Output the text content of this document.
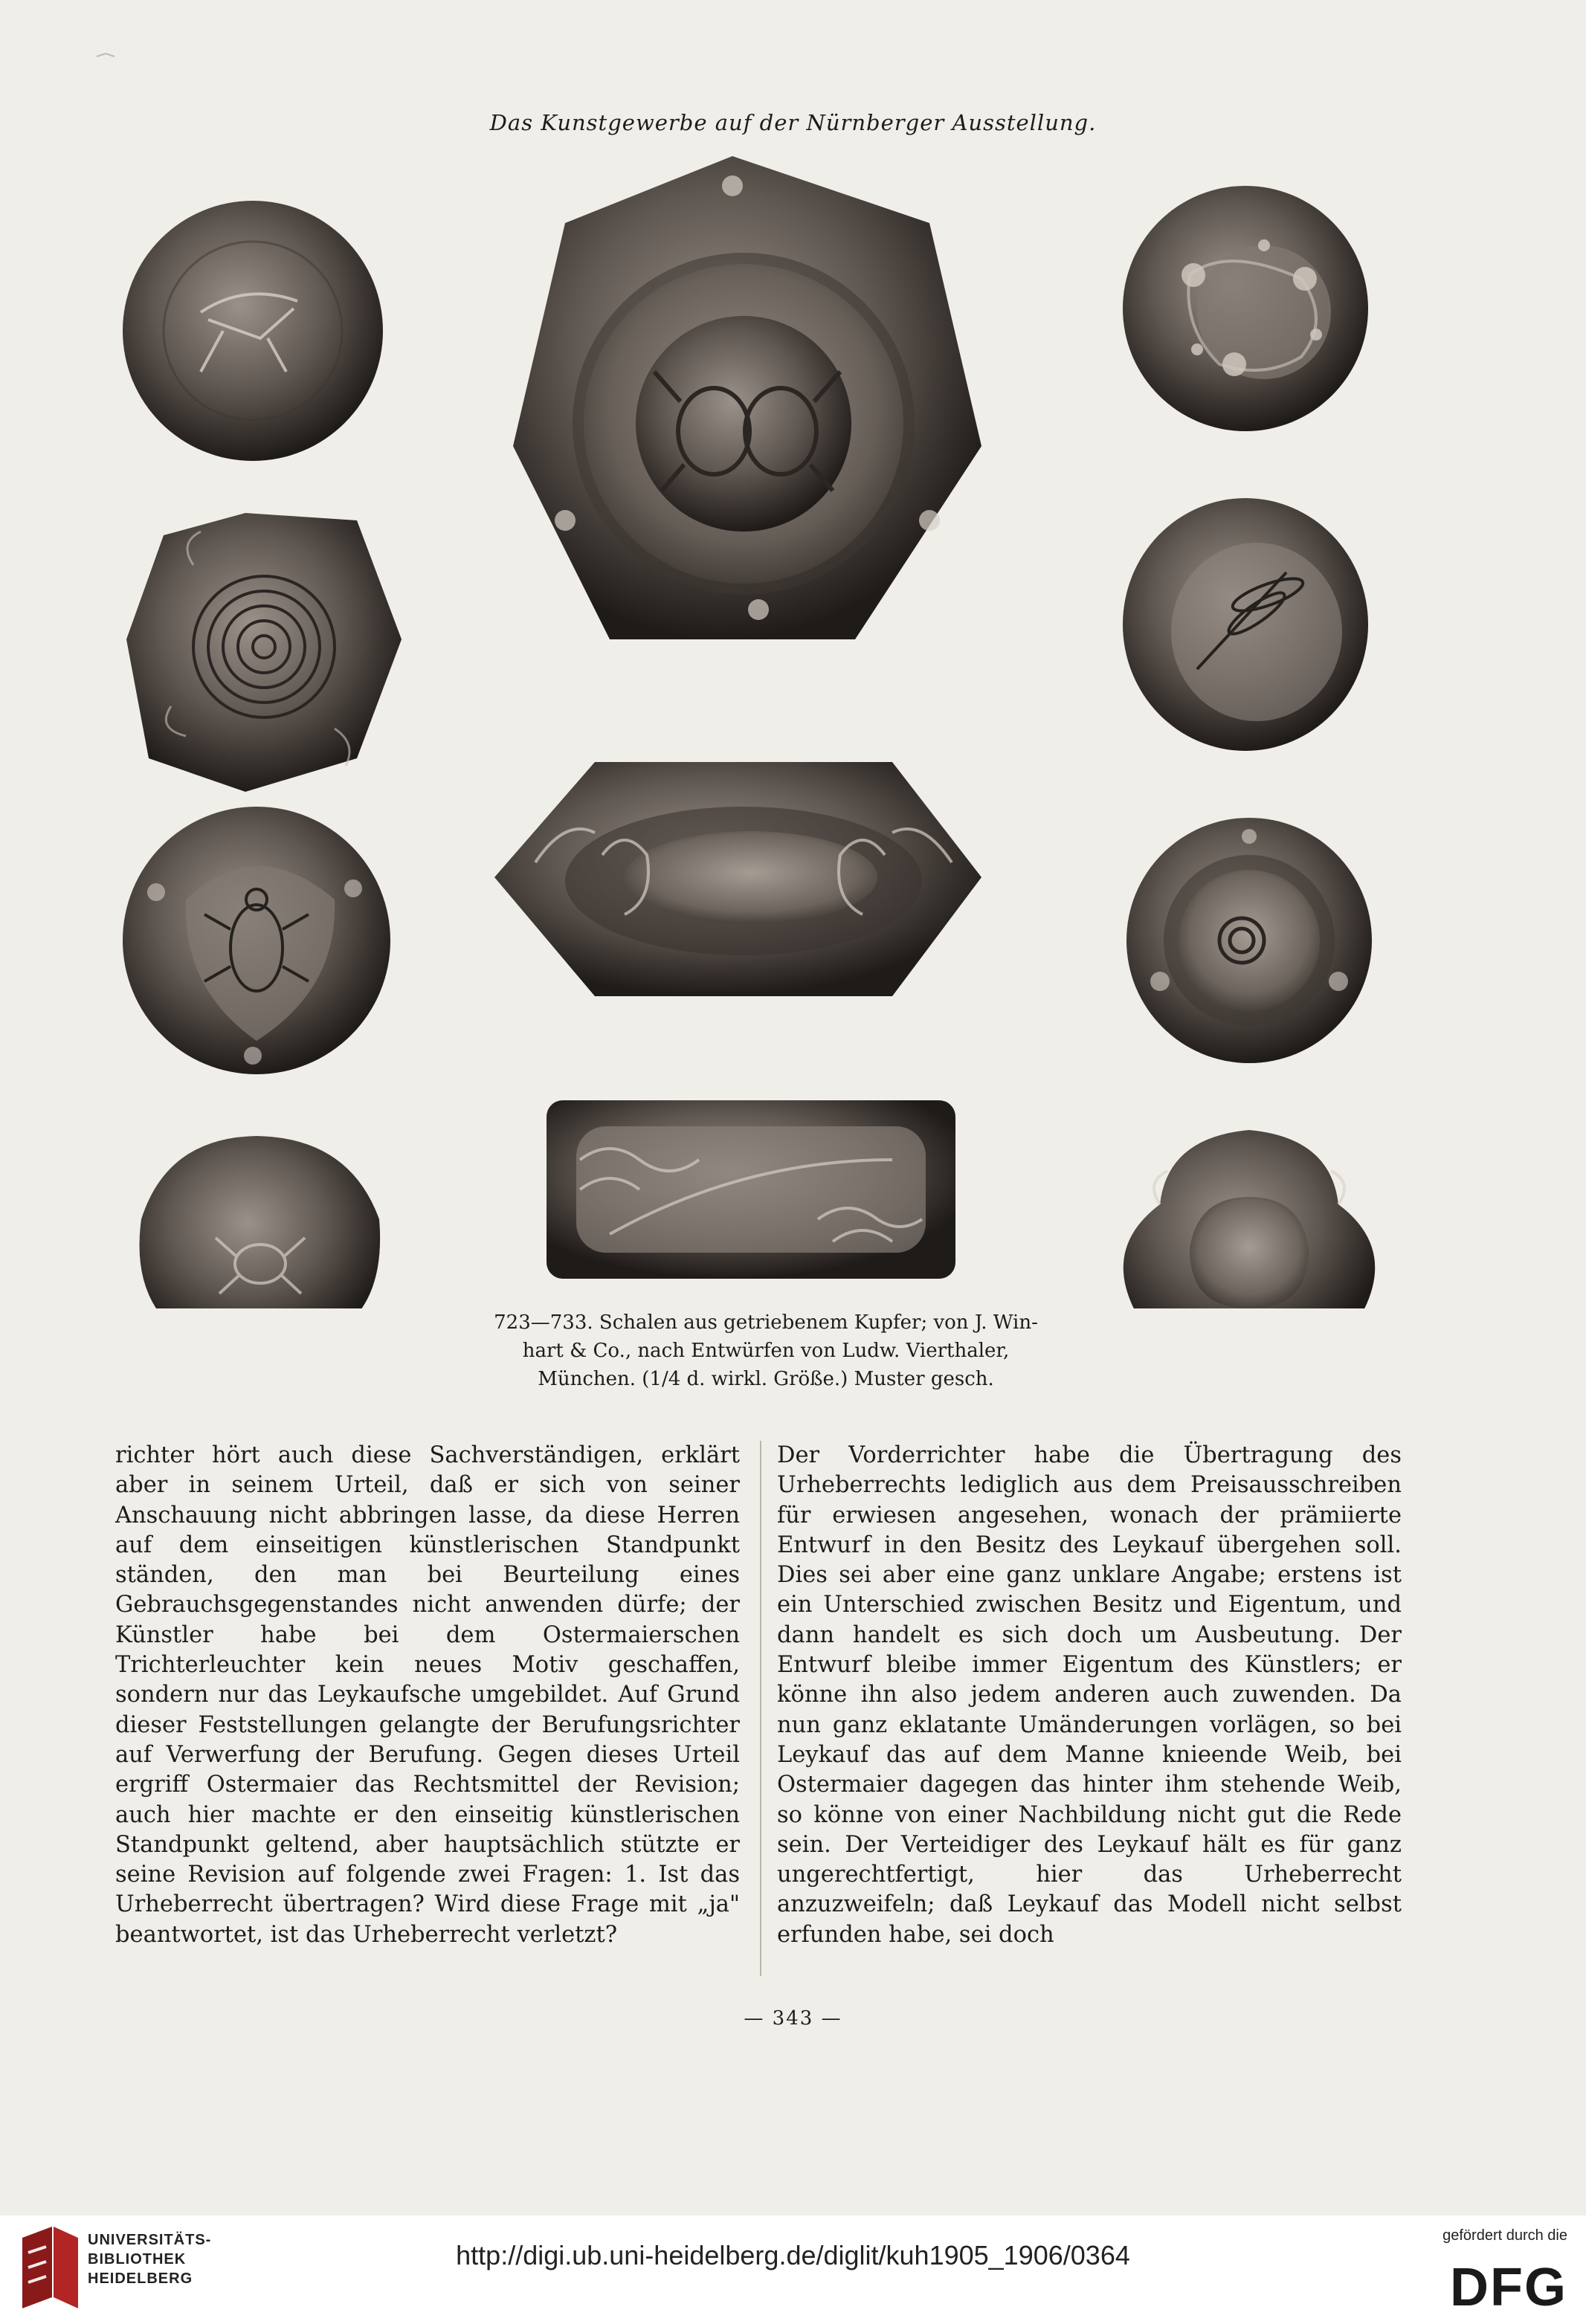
Das Kunstgewerbe auf der Nürnberger Ausstellung.
723—733. Schalen aus getriebenem Kupfer; von J. Win-
hart & Co., nach Entwürfen von Ludw. Vierthaler,
München. (1/4 d. wirkl. Größe.) Muster gesch.

richter hört auch diese Sachverständigen, erklärt aber in seinem Urteil, daß er sich von seiner Anschauung nicht abbringen lasse, da diese Herren auf dem einseitigen künstlerischen Standpunkt ständen, den man bei Beurteilung eines Gebrauchsgegenstandes nicht anwenden dürfe; der Künstler habe bei dem Ostermaierschen Trichterleuchter kein neues Motiv geschaffen, sondern nur das Leykaufsche umgebildet. Auf Grund dieser Feststellungen gelangte der Berufungsrichter auf Verwerfung der Berufung. Gegen dieses Urteil ergriff Ostermaier das Rechtsmittel der Revision; auch hier machte er den einseitig künstlerischen Standpunkt geltend, aber hauptsächlich stützte er seine Revision auf folgende zwei Fragen: 1. Ist das Urheberrecht übertragen? Wird diese Frage mit „ja" beantwortet, ist das Urheberrecht verletzt?

Der Vorderrichter habe die Übertragung des Urheberrechts lediglich aus dem Preisausschreiben für erwiesen angesehen, wonach der prämiierte Entwurf in den Besitz des Leykauf übergehen soll. Dies sei aber eine ganz unklare Angabe; erstens ist ein Unterschied zwischen Besitz und Eigentum, und dann handelt es sich doch um Ausbeutung. Der Entwurf bleibe immer Eigentum des Künstlers; er könne ihn also jedem anderen auch zuwenden. Da nun ganz eklatante Umänderungen vorlägen, so bei Leykauf das auf dem Manne knieende Weib, bei Ostermaier dagegen das hinter ihm stehende Weib, so könne von einer Nachbildung nicht gut die Rede sein. Der Verteidiger des Leykauf hält es für ganz ungerechtfertigt, hier das Urheberrecht anzuzweifeln; daß Leykauf das Modell nicht selbst erfunden habe, sei doch

— 343 —
UNIVERSITÄTS-
BIBLIOTHEK
HEIDELBERG
http://digi.ub.uni-heidelberg.de/diglit/kuh1905_1906/0364
gefördert durch die
DFG
